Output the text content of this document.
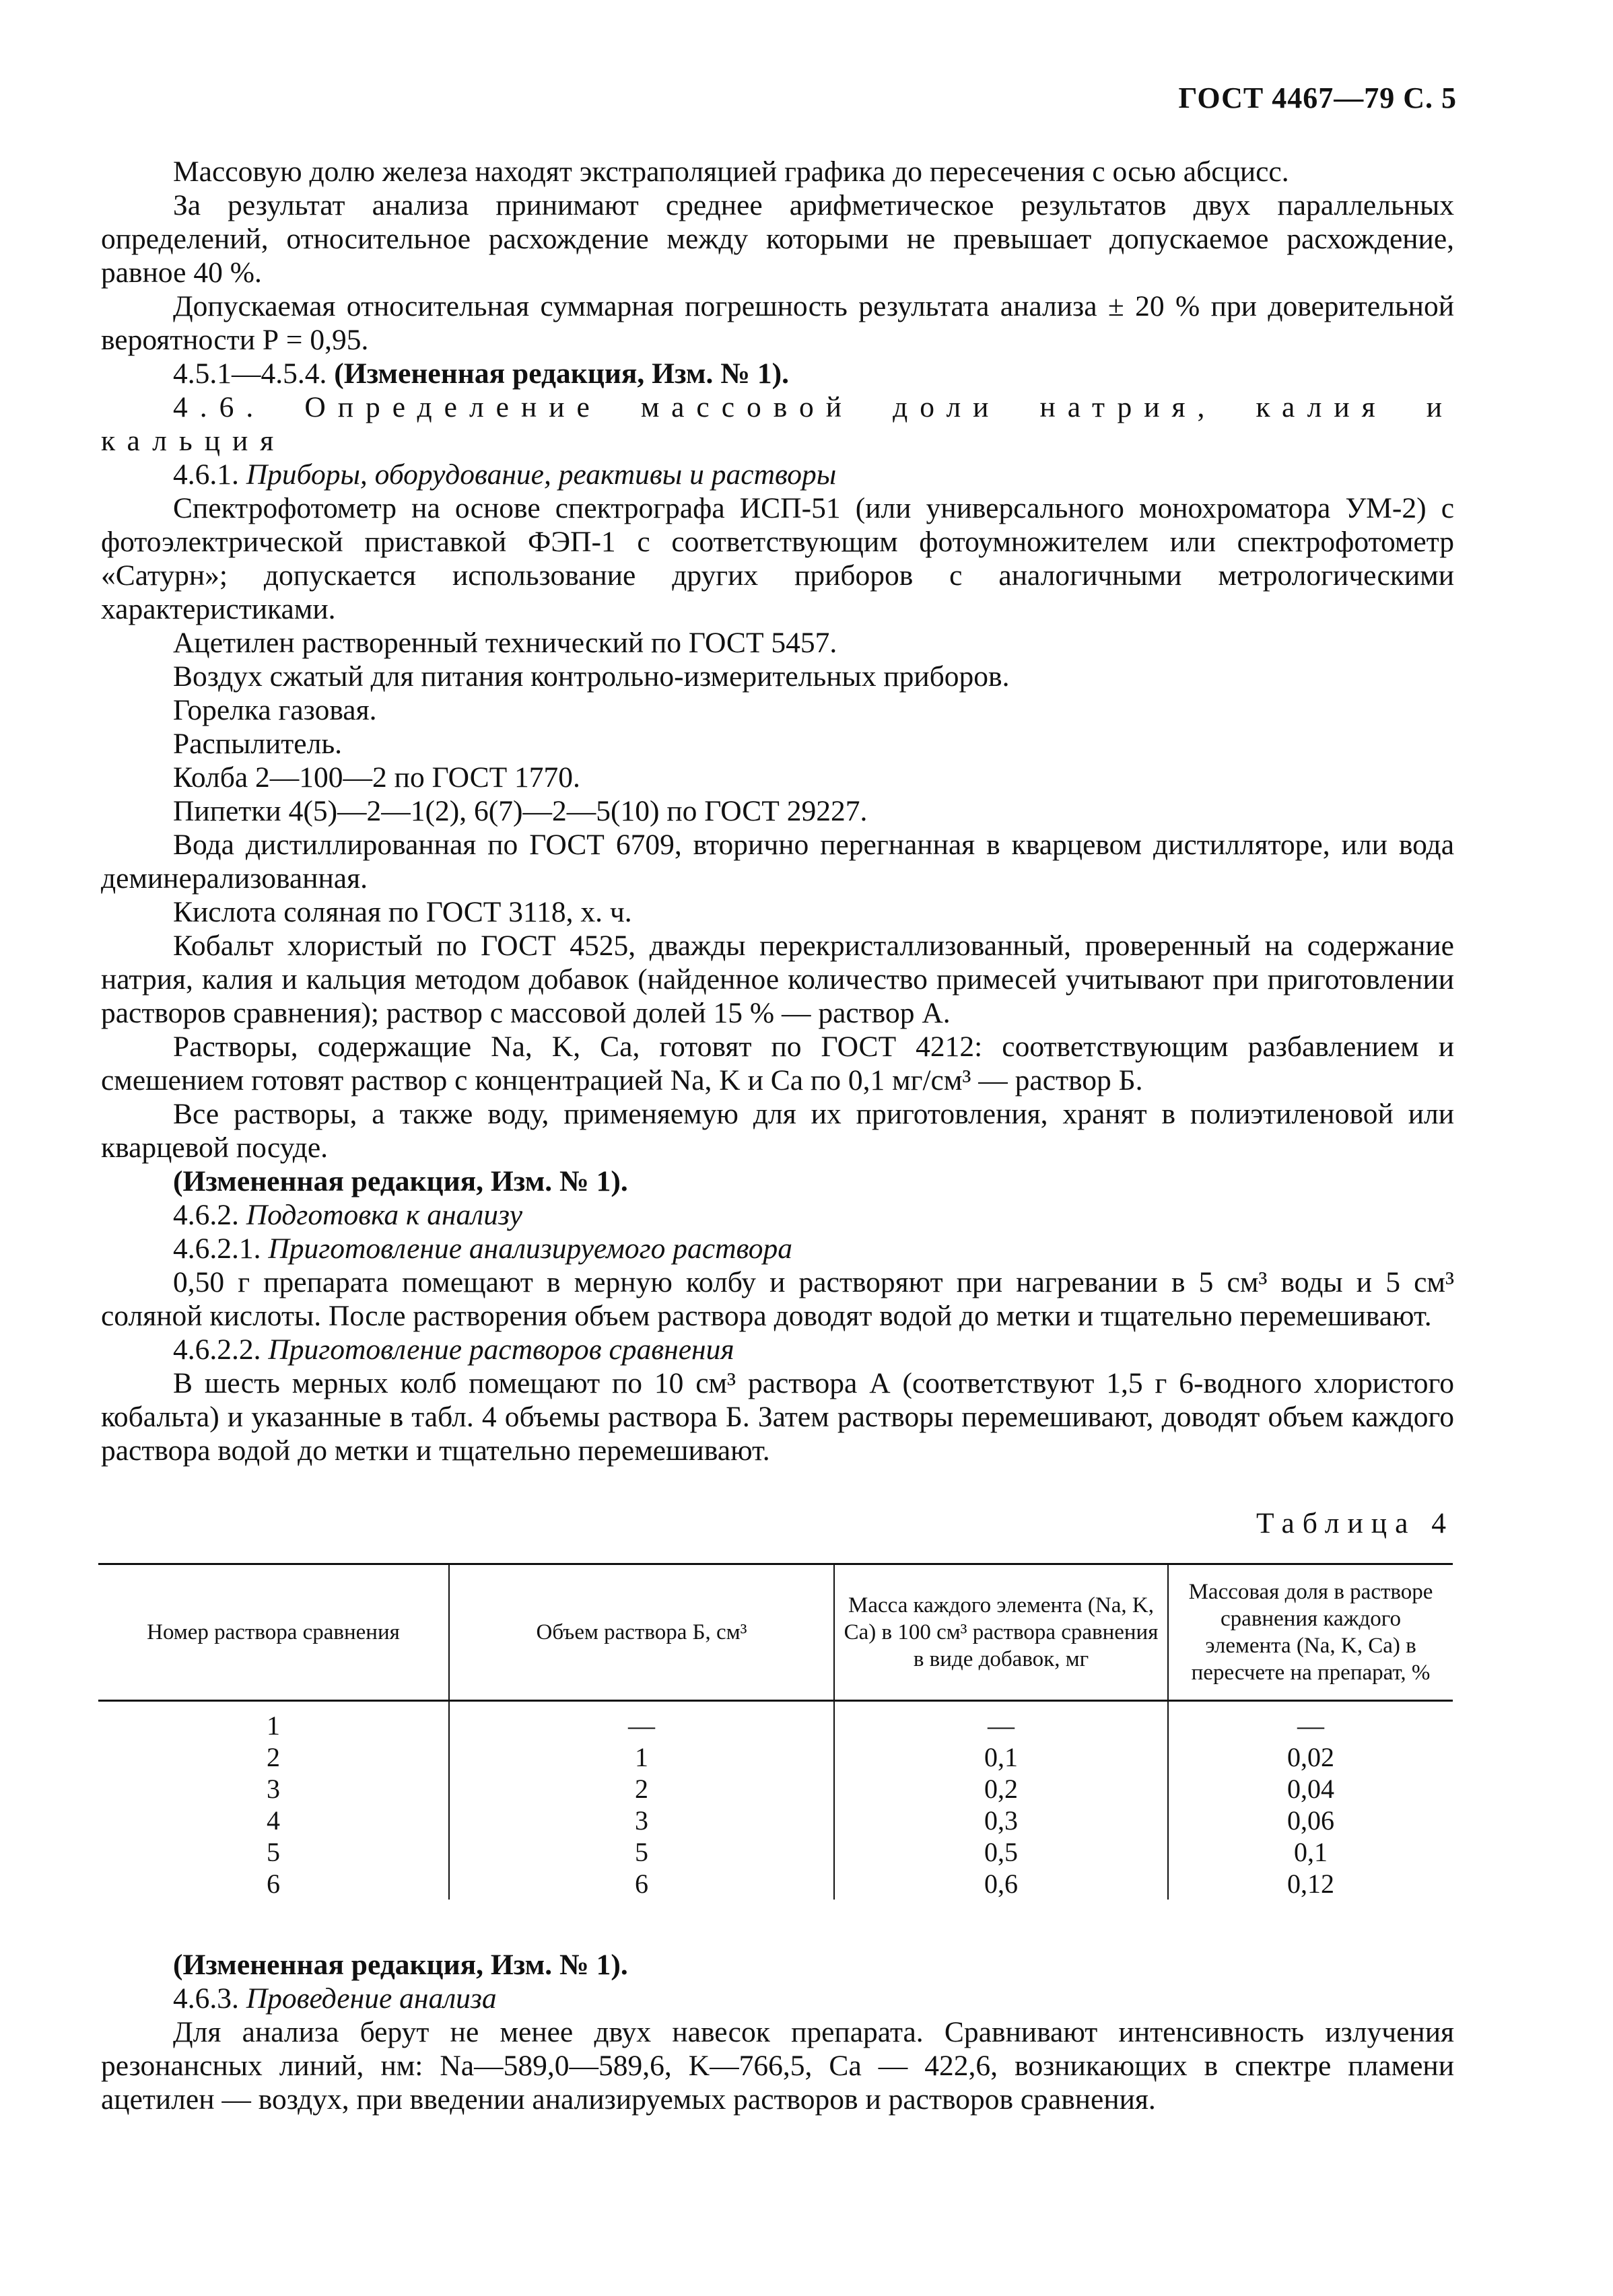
ГОСТ 4467—79 С. 5

Массовую долю железа находят экстраполяцией графика до пересечения с осью абсцисс.

За результат анализа принимают среднее арифметическое результатов двух параллельных определений, относительное расхождение между которыми не превышает допускаемое расхождение, равное 40 %.

Допускаемая относительная суммарная погрешность результата анализа ± 20 % при доверительной вероятности Р = 0,95.

4.5.1—4.5.4. (Измененная редакция, Изм. № 1).

4.6. Определение массовой доли натрия, калия и кальция

4.6.1. Приборы, оборудование, реактивы и растворы

Спектрофотометр на основе спектрографа ИСП-51 (или универсального монохроматора УМ-2) с фотоэлектрической приставкой ФЭП-1 с соответствующим фотоумножителем или спектрофотометр «Сатурн»; допускается использование других приборов с аналогичными метрологическими характеристиками.

Ацетилен растворенный технический по ГОСТ 5457.

Воздух сжатый для питания контрольно-измерительных приборов.

Горелка газовая.

Распылитель.

Колба 2—100—2 по ГОСТ 1770.

Пипетки 4(5)—2—1(2), 6(7)—2—5(10) по ГОСТ 29227.

Вода дистиллированная по ГОСТ 6709, вторично перегнанная в кварцевом дистилляторе, или вода деминерализованная.

Кислота соляная по ГОСТ 3118, х. ч.

Кобальт хлористый по ГОСТ 4525, дважды перекристаллизованный, проверенный на содержание натрия, калия и кальция методом добавок (найденное количество примесей учитывают при приготовлении растворов сравнения); раствор с массовой долей 15 % — раствор А.

Растворы, содержащие Na, K, Ca, готовят по ГОСТ 4212: соответствующим разбавлением и смешением готовят раствор с концентрацией Na, K и Ca по 0,1 мг/см³ — раствор Б.

Все растворы, а также воду, применяемую для их приготовления, хранят в полиэтиленовой или кварцевой посуде.

(Измененная редакция, Изм. № 1).

4.6.2. Подготовка к анализу

4.6.2.1. Приготовление анализируемого раствора

0,50 г препарата помещают в мерную колбу и растворяют при нагревании в 5 см³ воды и 5 см³ соляной кислоты. После растворения объем раствора доводят водой до метки и тщательно перемешивают.

4.6.2.2. Приготовление растворов сравнения

В шесть мерных колб помещают по 10 см³ раствора А (соответствуют 1,5 г 6-водного хлористого кобальта) и указанные в табл. 4 объемы раствора Б. Затем растворы перемешивают, доводят объем каждого раствора водой до метки и тщательно перемешивают.

Таблица 4

Номер раствора сравнения	Объем раствора Б, см³	Масса каждого элемента (Na, K, Ca) в 100 см³ раствора сравнения в виде добавок, мг	Массовая доля в растворе сравнения каждого элемента (Na, K, Ca) в пересчете на препарат, %
1	—	—	—
2	1	0,1	0,02
3	2	0,2	0,04
4	3	0,3	0,06
5	5	0,5	0,1
6	6	0,6	0,12

(Измененная редакция, Изм. № 1).

4.6.3. Проведение анализа

Для анализа берут не менее двух навесок препарата. Сравнивают интенсивность излучения резонансных линий, нм: Na—589,0—589,6, K—766,5, Ca — 422,6, возникающих в спектре пламени ацетилен — воздух, при введении анализируемых растворов и растворов сравнения.
